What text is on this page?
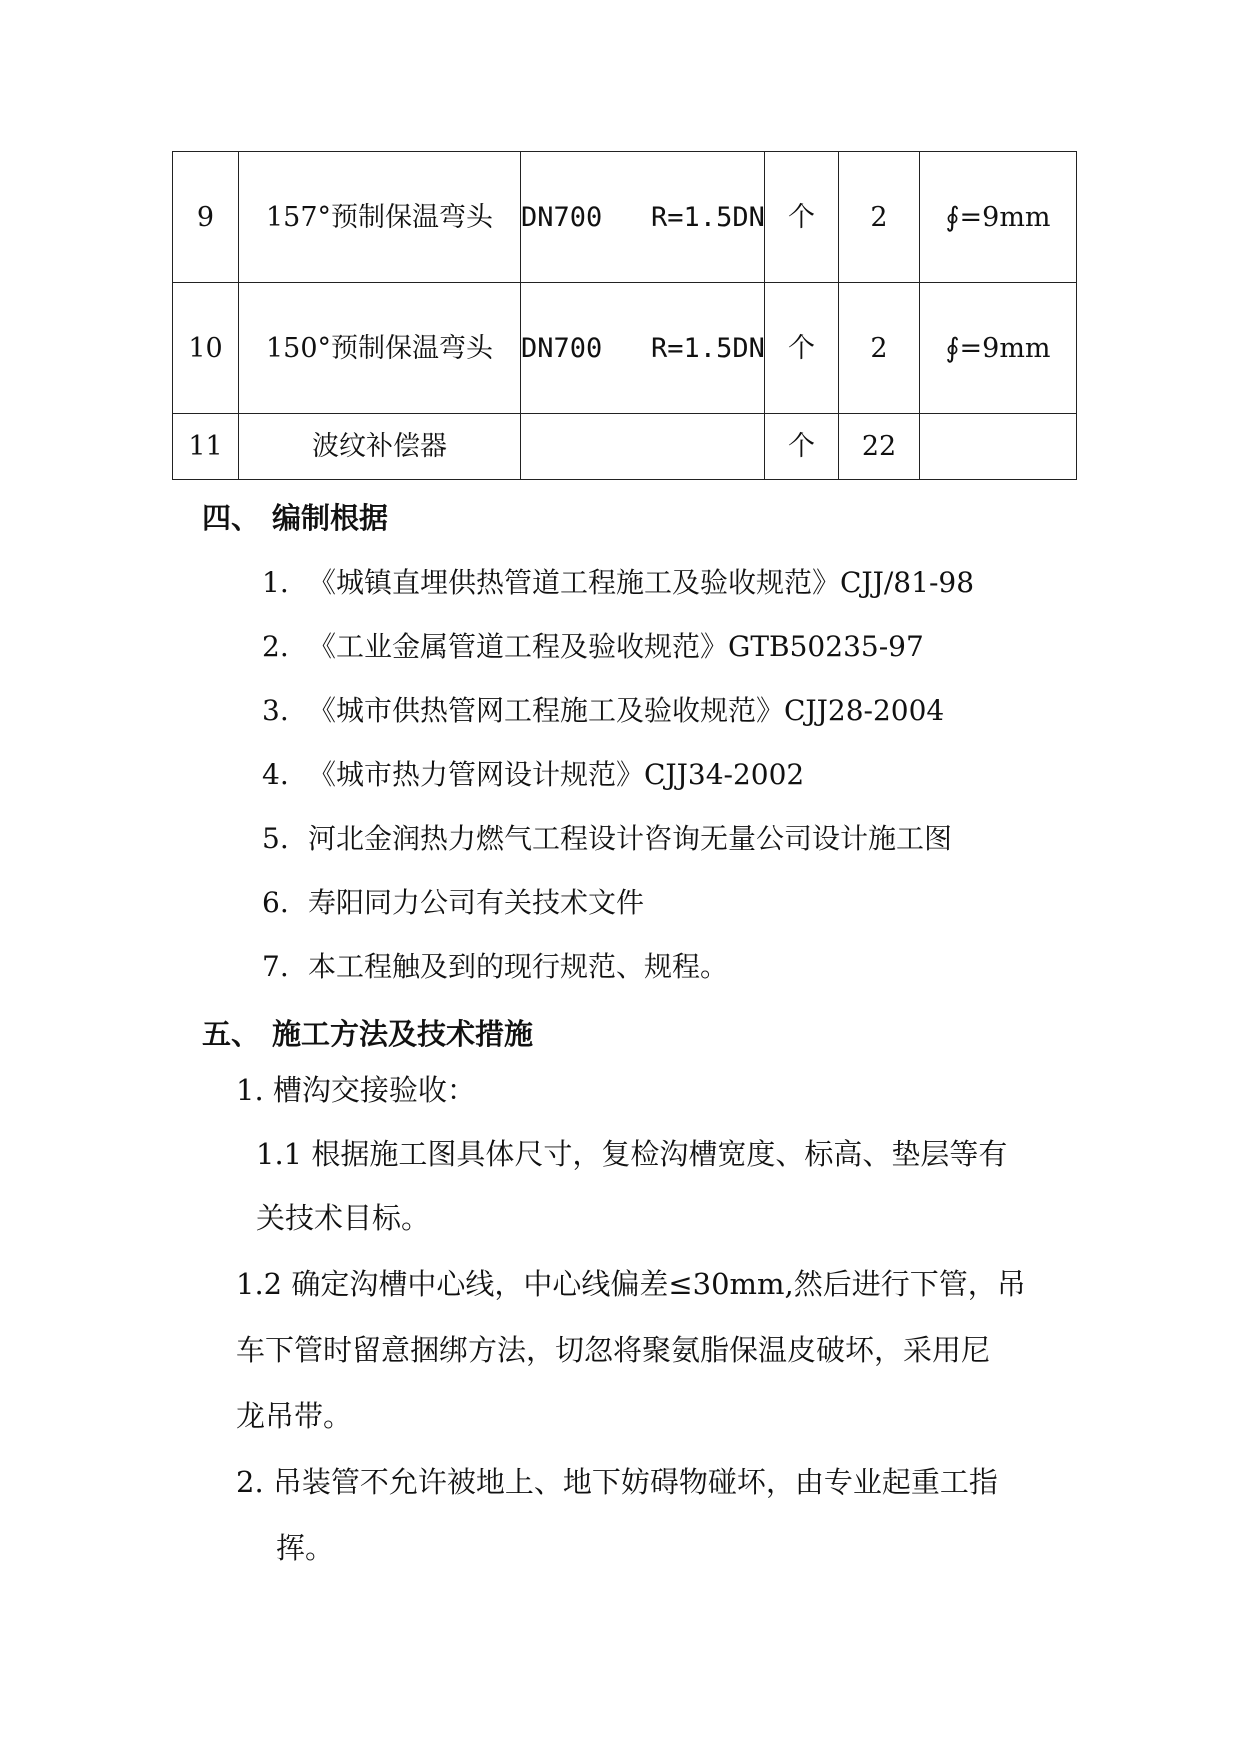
9	157°预制保温弯头	DN700   R=1.5DN	个	2	∮=9mm
10	150°预制保温弯头	DN700   R=1.5DN	个	2	∮=9mm
11	波纹补偿器		个	22	
四、 编制根据
1. 《城镇直埋供热管道工程施工及验收规范》CJJ/81-98
2. 《工业金属管道工程及验收规范》GTB50235-97
3. 《城市供热管网工程施工及验收规范》CJJ28-2004
4. 《城市热力管网设计规范》CJJ34-2002
5. 河北金润热力燃气工程设计咨询无量公司设计施工图
6. 寿阳同力公司有关技术文件
7. 本工程触及到的现行规范、规程。
五、 施工方法及技术措施
1. 槽沟交接验收：
1.1 根据施工图具体尺寸，复检沟槽宽度、标高、垫层等有
关技术目标。
1.2 确定沟槽中心线，中心线偏差≤30mm,然后进行下管，吊
车下管时留意捆绑方法，切忽将聚氨脂保温皮破坏，采用尼
龙吊带。
2. 吊装管不允许被地上、地下妨碍物碰坏，由专业起重工指
挥。
